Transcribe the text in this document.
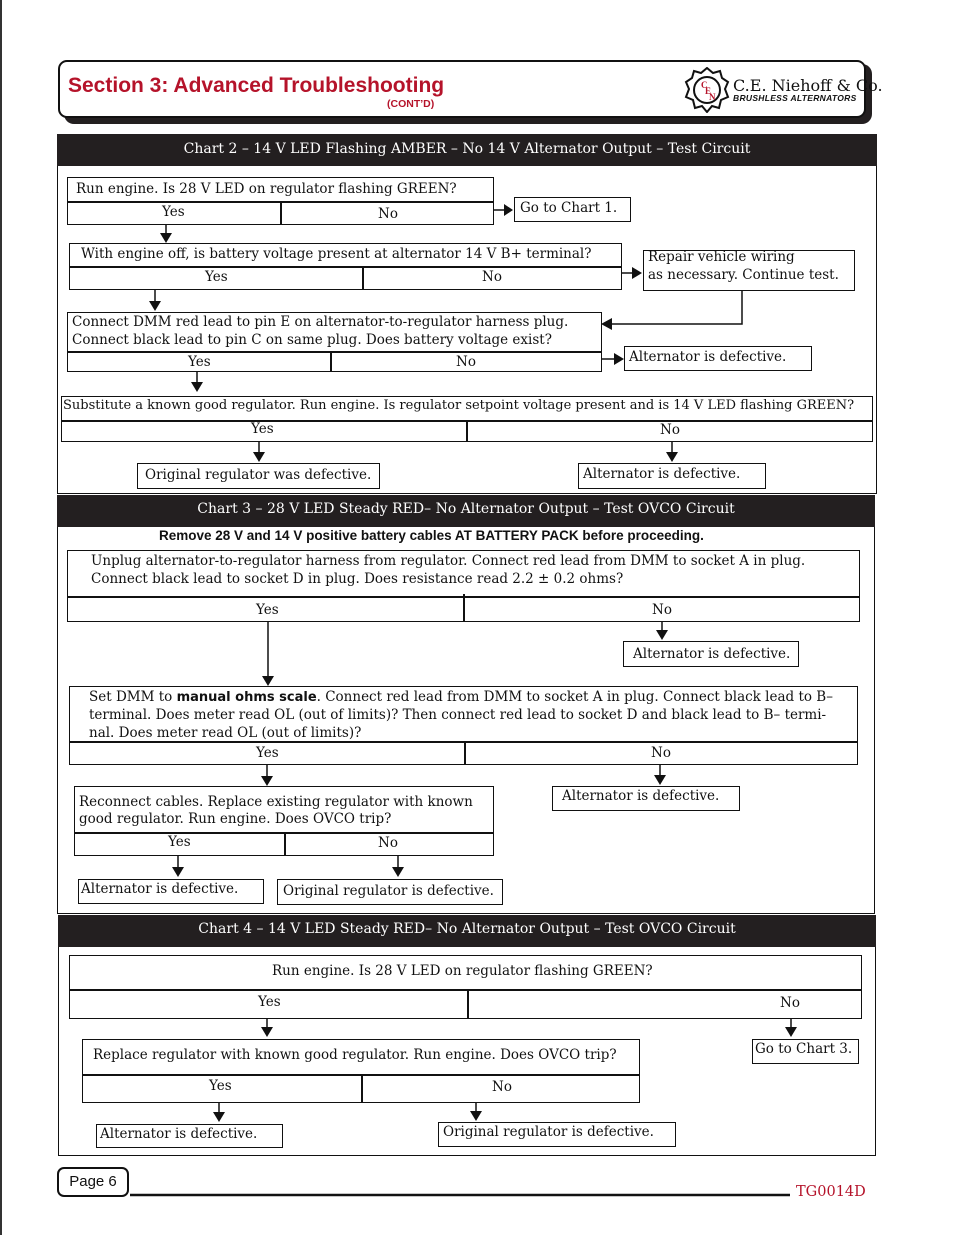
Section 3: Advanced Troubleshooting
(CONT’D)
C
E
N
C.E. Niehoff & Co.
BRUSHLESS ALTERNATORS
Chart 2 – 14 V LED Flashing AMBER – No 14 V Alternator Output – Test Circuit
Run engine. Is 28 V LED on regulator flashing GREEN?
Yes	No	Go to Chart 1.
With engine off, is battery voltage present at alternator 14 V B+ terminal?
Yes	No
Repair vehicle wiring
as necessary. Continue test.
Connect DMM red lead to pin E on alternator-to-regulator harness plug.
Connect black lead to pin C on same plug. Does battery voltage exist?
Yes	No	Alternator is defective.
Substitute a known good regulator. Run engine. Is regulator setpoint voltage present and is 14 V LED flashing GREEN?
Yes	No
Original regulator was defective.	Alternator is defective.
Chart 3 – 28 V LED Steady RED– No Alternator Output – Test OVCO Circuit
Remove 28 V and 14 V positive battery cables AT BATTERY PACK before proceeding.
Unplug alternator-to-regulator harness from regulator. Connect red lead from DMM to socket A in plug.
Connect black lead to socket D in plug. Does resistance read 2.2 ± 0.2 ohms?
Yes	No
Alternator is defective.
Set DMM to manual ohms scale. Connect red lead from DMM to socket A in plug. Connect black lead to B–
terminal. Does meter read OL (out of limits)? Then connect red lead to socket D and black lead to B– termi-
nal. Does meter read OL (out of limits)?
Yes	No
Alternator is defective.
Reconnect cables. Replace existing regulator with known
good regulator. Run engine. Does OVCO trip?
Yes	No
Alternator is defective.	Original regulator is defective.
Chart 4 – 14 V LED Steady RED– No Alternator Output – Test OVCO Circuit
Run engine. Is 28 V LED on regulator flashing GREEN?
Yes	No
Go to Chart 3.
Replace regulator with known good regulator. Run engine. Does OVCO trip?
Yes	No
Alternator is defective.	Original regulator is defective.
Page 6
TG0014D
